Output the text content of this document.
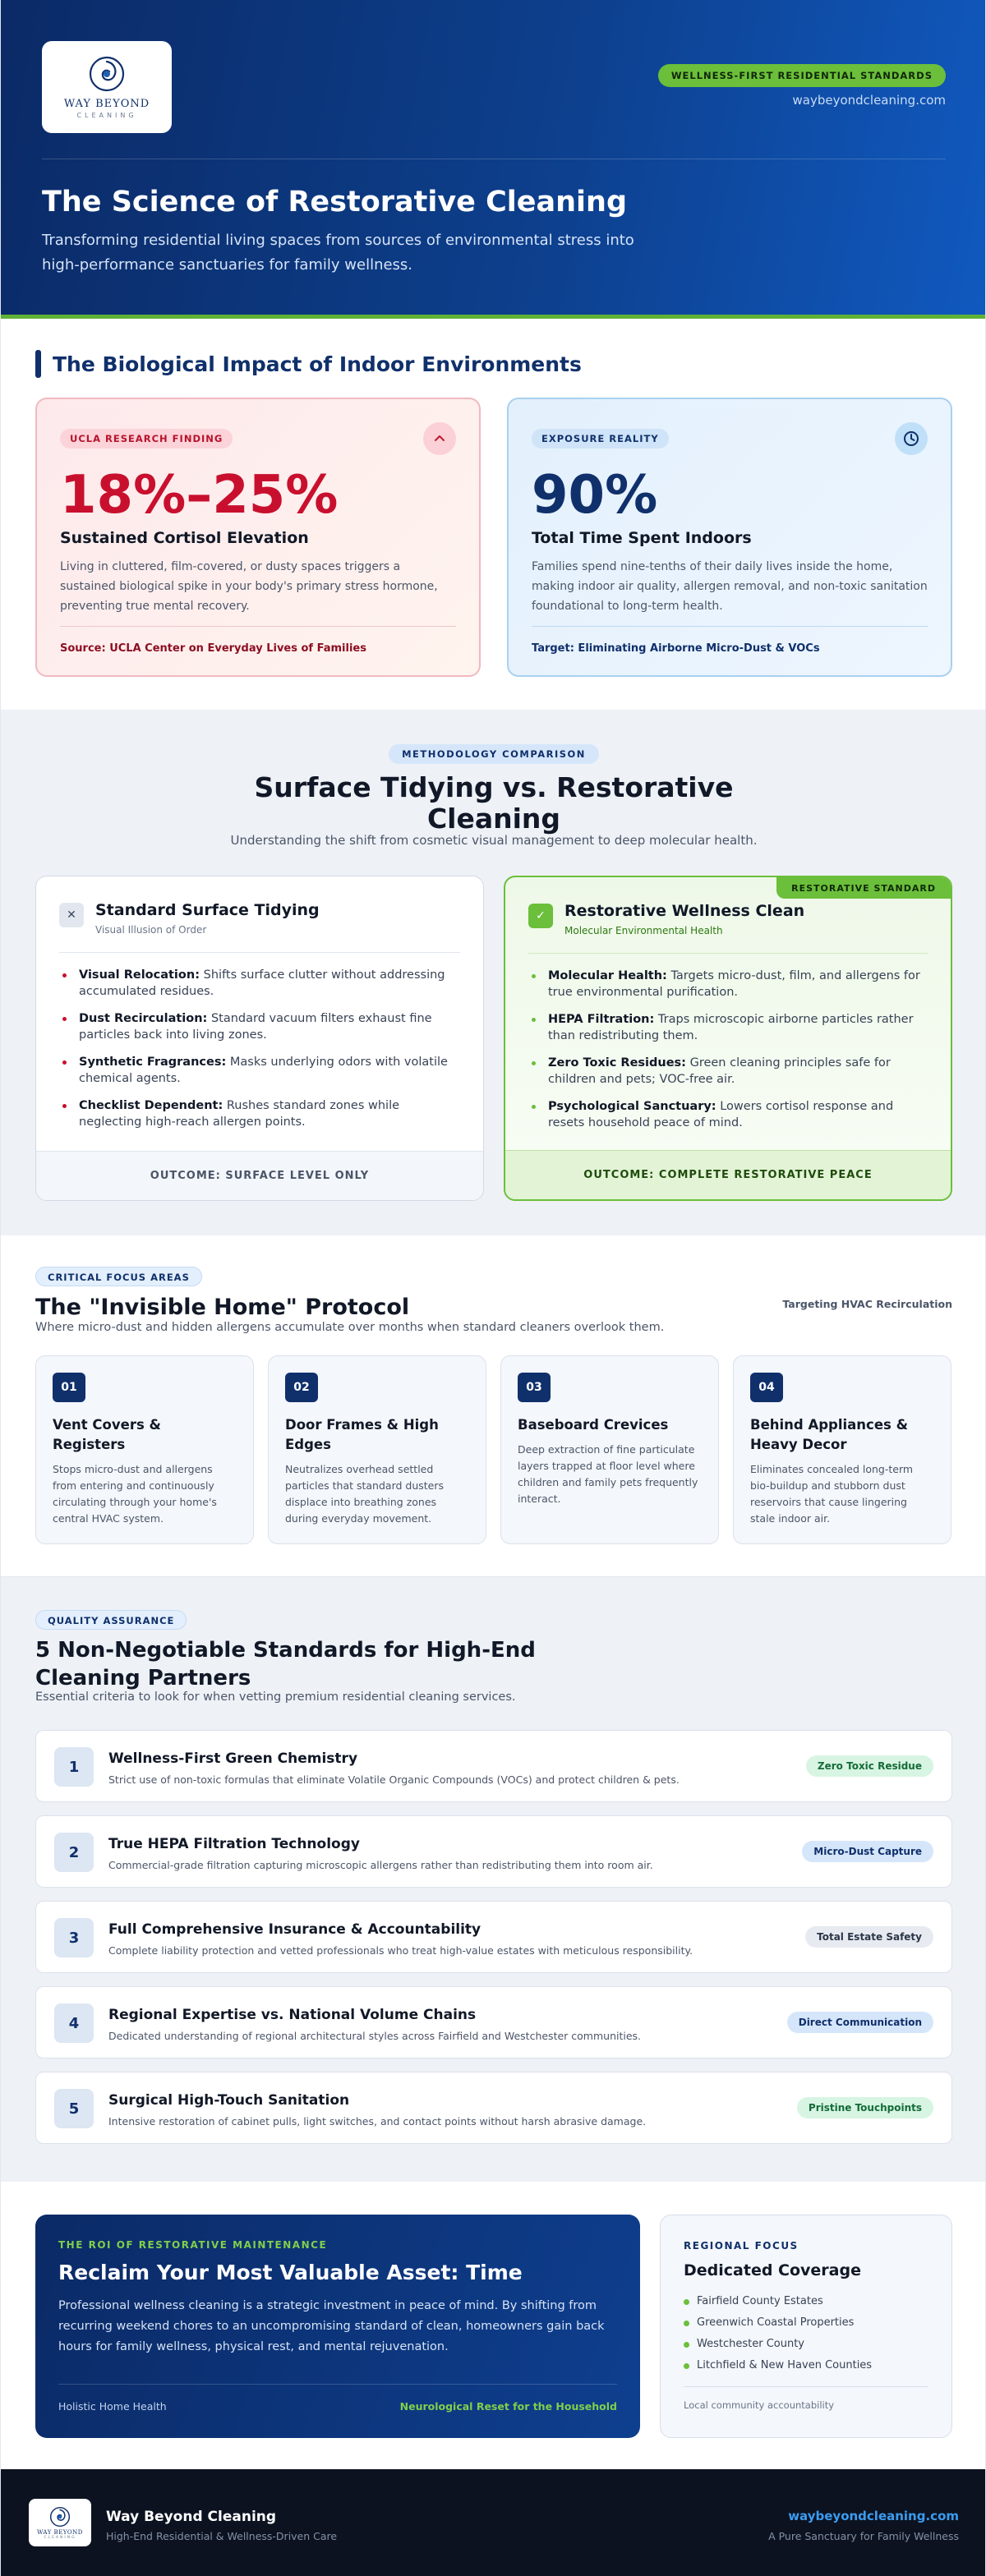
WAY BEYOND
CLEANING
WELLNESS-FIRST RESIDENTIAL STANDARDS
waybeyondcleaning.com
The Science of Restorative Cleaning

Transforming residential living spaces from sources of environmental stress into high-performance sanctuaries for family wellness.

The Biological Impact of Indoor Environments
UCLA RESEARCH FINDING
18%–25%
Sustained Cortisol Elevation

Living in cluttered, film-covered, or dusty spaces triggers a sustained biological spike in your body's primary stress hormone, preventing true mental recovery.

Source: UCLA Center on Everyday Lives of Families
EXPOSURE REALITY
90%
Total Time Spent Indoors

Families spend nine-tenths of their daily lives inside the home, making indoor air quality, allergen removal, and non-toxic sanitation foundational to long-term health.

Target: Eliminating Airborne Micro-Dust & VOCs
METHODOLOGY COMPARISON
Surface Tidying vs. Restorative Cleaning

Understanding the shift from cosmetic visual management to deep molecular health.

✕	Standard Surface Tidying
Visual Illusion of Order
Visual Relocation: Shifts surface clutter without addressing accumulated residues.
Dust Recirculation: Standard vacuum filters exhaust fine particles back into living zones.
Synthetic Fragrances: Masks underlying odors with volatile chemical agents.
Checklist Dependent: Rushes standard zones while neglecting high-reach allergen points.
OUTCOME: SURFACE LEVEL ONLY
RESTORATIVE STANDARD
✓	Restorative Wellness Clean
Molecular Environmental Health
Molecular Health: Targets micro-dust, film, and allergens for true environmental purification.
HEPA Filtration: Traps microscopic airborne particles rather than redistributing them.
Zero Toxic Residues: Green cleaning principles safe for children and pets; VOC-free air.
Psychological Sanctuary: Lowers cortisol response and resets household peace of mind.
OUTCOME: COMPLETE RESTORATIVE PEACE
CRITICAL FOCUS AREAS
The "Invisible Home" Protocol

Where micro-dust and hidden allergens accumulate over months when standard cleaners overlook them.

Targeting HVAC Recirculation
01
Vent Covers & Registers

Stops micro-dust and allergens from entering and continuously circulating through your home's central HVAC system.

02
Door Frames & High Edges

Neutralizes overhead settled particles that standard dusters displace into breathing zones during everyday movement.

03
Baseboard Crevices

Deep extraction of fine particulate layers trapped at floor level where children and family pets frequently interact.

04
Behind Appliances & Heavy Decor

Eliminates concealed long-term bio-buildup and stubborn dust reservoirs that cause lingering stale indoor air.

QUALITY ASSURANCE
5 Non-Negotiable Standards for High-End Cleaning Partners

Essential criteria to look for when vetting premium residential cleaning services.

1	Wellness-First Green Chemistry
Strict use of non-toxic formulas that eliminate Volatile Organic Compounds (VOCs) and protect children & pets.
Zero Toxic Residue
2	True HEPA Filtration Technology
Commercial-grade filtration capturing microscopic allergens rather than redistributing them into room air.
Micro-Dust Capture
3	Full Comprehensive Insurance & Accountability
Complete liability protection and vetted professionals who treat high-value estates with meticulous responsibility.
Total Estate Safety
4	Regional Expertise vs. National Volume Chains
Dedicated understanding of regional architectural styles across Fairfield and Westchester communities.
Direct Communication
5	Surgical High-Touch Sanitation
Intensive restoration of cabinet pulls, light switches, and contact points without harsh abrasive damage.
Pristine Touchpoints
THE ROI OF RESTORATIVE MAINTENANCE
Reclaim Your Most Valuable Asset: Time

Professional wellness cleaning is a strategic investment in peace of mind. By shifting from recurring weekend chores to an uncompromising standard of clean, homeowners gain back hours for family wellness, physical rest, and mental rejuvenation.

Holistic Home Health	Neurological Reset for the Household
REGIONAL FOCUS
Dedicated Coverage
Fairfield County Estates
Greenwich Coastal Properties
Westchester County
Litchfield & New Haven Counties
Local community accountability
WAY BEYOND
CLEANING
Way Beyond Cleaning
High-End Residential & Wellness-Driven Care
waybeyondcleaning.com
A Pure Sanctuary for Family Wellness
